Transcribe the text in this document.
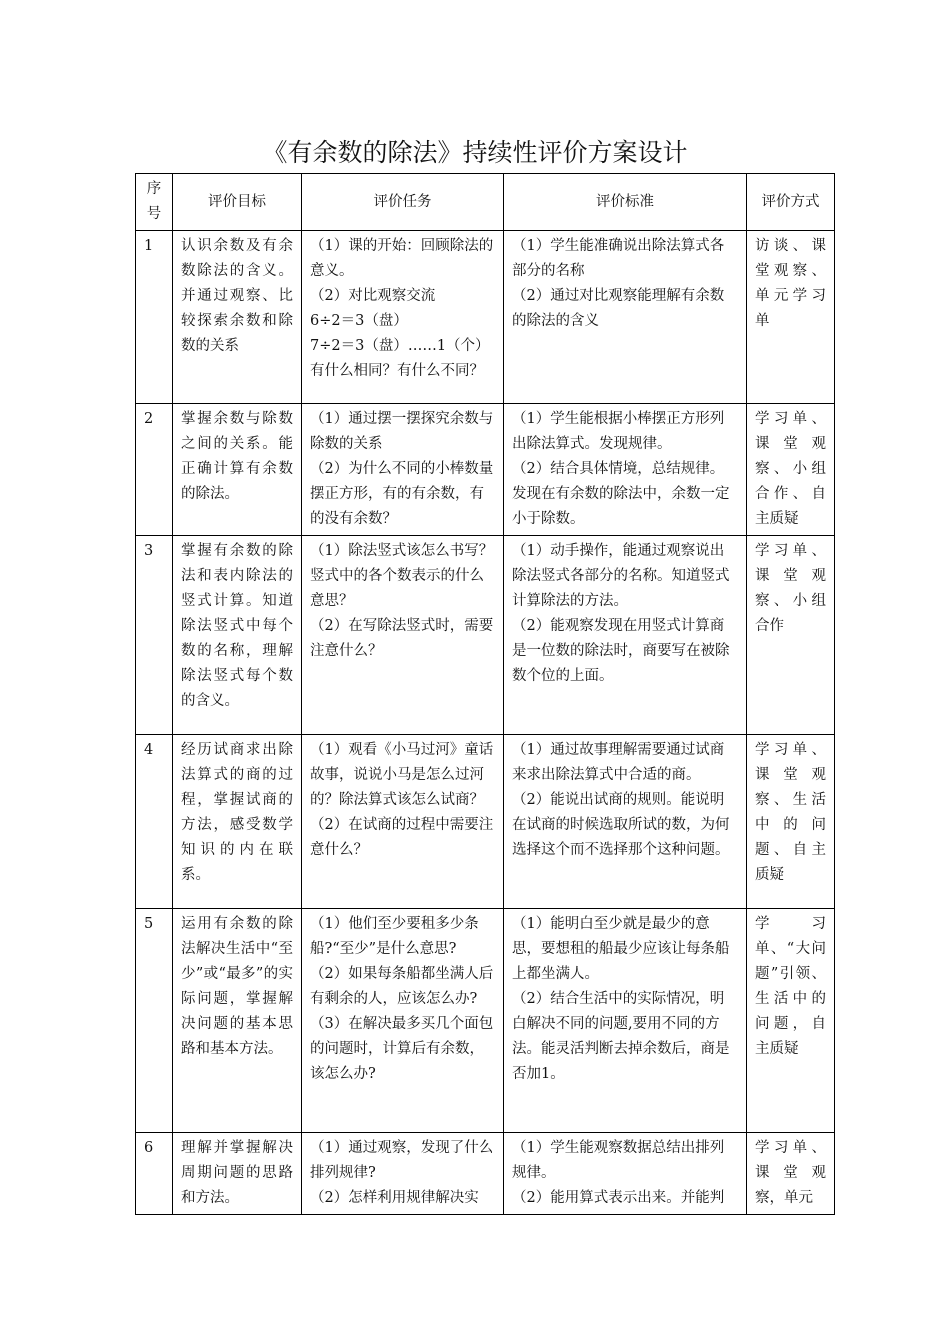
《有余数的除法》持续性评价方案设计
序号	评价目标	评价任务	评价标准	评价方式
1	认识余数及有余数除法的含义。并通过观察、比较探索余数和除数的关系	（1）课的开始：回顾除法的意义。
（2）对比观察交流
6÷2＝3（盘）
7÷2＝3（盘）……1（个）
有什么相同？有什么不同？	（1）学生能准确说出除法算式各部分的名称
（2）通过对比观察能理解有余数的除法的含义	访谈、课堂观察、单元学习单
2	掌握余数与除数之间的关系。能正确计算有余数的除法。	（1）通过摆一摆探究余数与除数的关系
（2）为什么不同的小棒数量摆正方形，有的有余数，有的没有余数？	（1）学生能根据小棒摆正方形列出除法算式。发现规律。
（2）结合具体情境，总结规律。发现在有余数的除法中，余数一定小于除数。	学习单、课堂观察、小组合作、自主质疑
3	掌握有余数的除法和表内除法的竖式计算。知道除法竖式中每个数的名称，理解除法竖式每个数的含义。	（1）除法竖式该怎么书写？竖式中的各个数表示的什么意思？
（2）在写除法竖式时，需要注意什么？	（1）动手操作，能通过观察说出除法竖式各部分的名称。知道竖式计算除法的方法。
（2）能观察发现在用竖式计算商是一位数的除法时，商要写在被除数个位的上面。	学习单、课堂观察、小组合作
4	经历试商求出除法算式的商的过程，掌握试商的方法，感受数学知识的内在联系。	（1）观看《小马过河》童话故事，说说小马是怎么过河的？除法算式该怎么试商？
（2）在试商的过程中需要注意什么？	（1）通过故事理解需要通过试商来求出除法算式中合适的商。
（2）能说出试商的规则。能说明在试商的时候选取所试的数，为何选择这个而不选择那个这种问题。	学习单、课堂观察、生活中的问题、自主质疑
5	运用有余数的除法解决生活中“至少”或“最多”的实际问题，掌握解决问题的基本思路和基本方法。	（1）他们至少要租多少条船?“至少”是什么意思?
（2）如果每条船都坐满人后有剩余的人，应该怎么办?
（3）在解决最多买几个面包的问题时，计算后有余数，该怎么办?	（1）能明白至少就是最少的意思，要想租的船最少应该让每条船上都坐满人。
（2）结合生活中的实际情况，明白解决不同的问题,要用不同的方法。能灵活判断去掉余数后，商是否加1。	学习单、“大问题”引领、生活中的问题，自主质疑
6	理解并掌握解决周期问题的思路和方法。	（1）通过观察，发现了什么排列规律?
（2）怎样利用规律解决实	（1）学生能观察数据总结出排列规律。
（2）能用算式表示出来。并能判	学习单、课堂观察，单元
